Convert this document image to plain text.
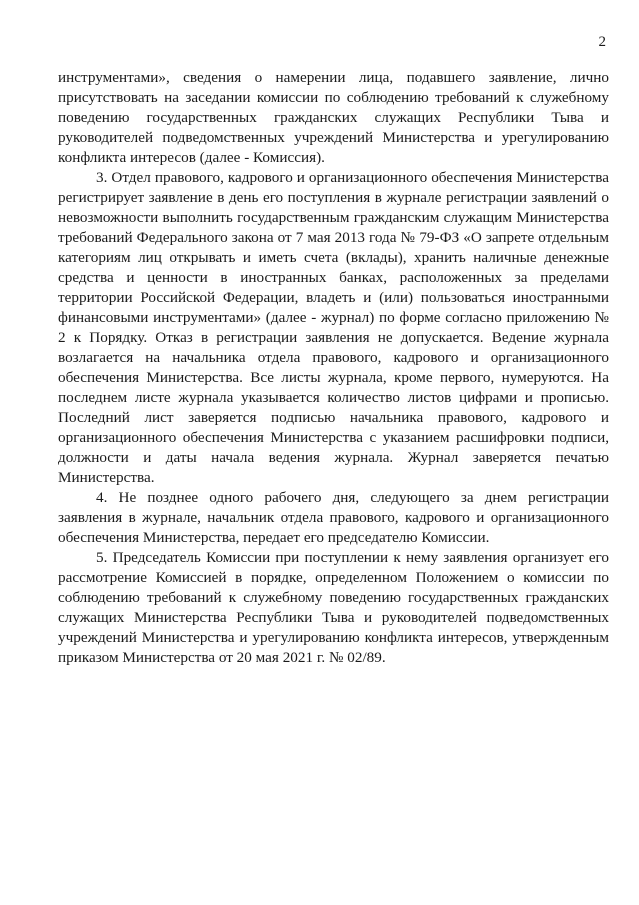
2

инструментами», сведения о намерении лица, подавшего заявление, лично присутствовать на заседании комиссии по соблюдению требований к служебному поведению государственных гражданских служащих Республики Тыва и руководителей подведомственных учреждений Министерства и урегулированию конфликта интересов (далее - Комиссия).

3. Отдел правового, кадрового и организационного обеспечения Министерства регистрирует заявление в день его поступления в журнале регистрации заявлений о невозможности выполнить государственным гражданским служащим Министерства требований Федерального закона от 7 мая 2013 года № 79-ФЗ «О запрете отдельным категориям лиц открывать и иметь счета (вклады), хранить наличные денежные средства и ценности в иностранных банках, расположенных за пределами территории Российской Федерации, владеть и (или) пользоваться иностранными финансовыми инструментами» (далее - журнал) по форме согласно приложению № 2 к Порядку. Отказ в регистрации заявления не допускается. Ведение журнала возлагается на начальника отдела правового, кадрового и организационного обеспечения Министерства. Все листы журнала, кроме первого, нумеруются. На последнем листе журнала указывается количество листов цифрами и прописью. Последний лист заверяется подписью начальника правового, кадрового и организационного обеспечения Министерства с указанием расшифровки подписи, должности и даты начала ведения журнала. Журнал заверяется печатью Министерства.

4. Не позднее одного рабочего дня, следующего за днем регистрации заявления в журнале, начальник отдела правового, кадрового и организационного обеспечения Министерства, передает его председателю Комиссии.

5. Председатель Комиссии при поступлении к нему заявления организует его рассмотрение Комиссией в порядке, определенном Положением о комиссии по соблюдению требований к служебному поведению государственных гражданских служащих Министерства Республики Тыва и руководителей подведомственных учреждений Министерства и урегулированию конфликта интересов, утвержденным приказом Министерства от 20 мая 2021 г. № 02/89.
